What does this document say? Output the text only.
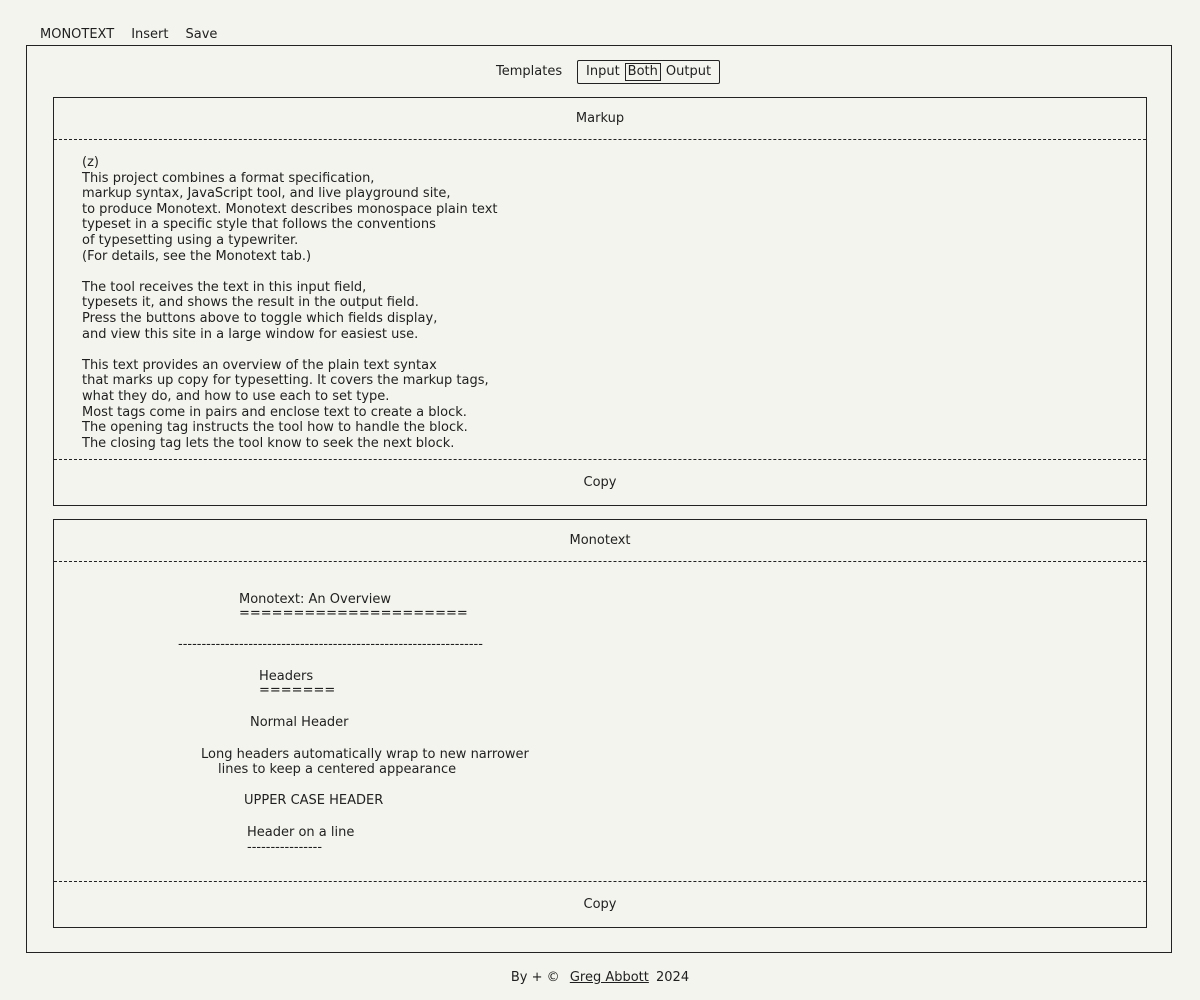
MONOTEXT Insert Save
Templates Input Both Output
Markup
(z)
This project combines a format specification,
markup syntax, JavaScript tool, and live playground site,
to produce Monotext. Monotext describes monospace plain text
typeset in a specific style that follows the conventions
of typesetting using a typewriter.
(For details, see the Monotext tab.)

The tool receives the text in this input field,
typesets it, and shows the result in the output field.
Press the buttons above to toggle which fields display,
and view this site in a large window for easiest use.

This text provides an overview of the plain text syntax
that marks up copy for typesetting. It covers the markup tags,
what they do, and how to use each to set type.
Most tags come in pairs and enclose text to create a block.
The opening tag instructs the tool how to handle the block.
The closing tag lets the tool know to seek the next block.
Copy
Monotext
Monotext: An Overview
=====================
-----------------------------------------------------------------
Headers
=======
Normal Header
Long headers automatically wrap to new narrower
lines to keep a centered appearance
UPPER CASE HEADER
Header on a line
----------------
Copy
By + © Greg Abbott 2024
